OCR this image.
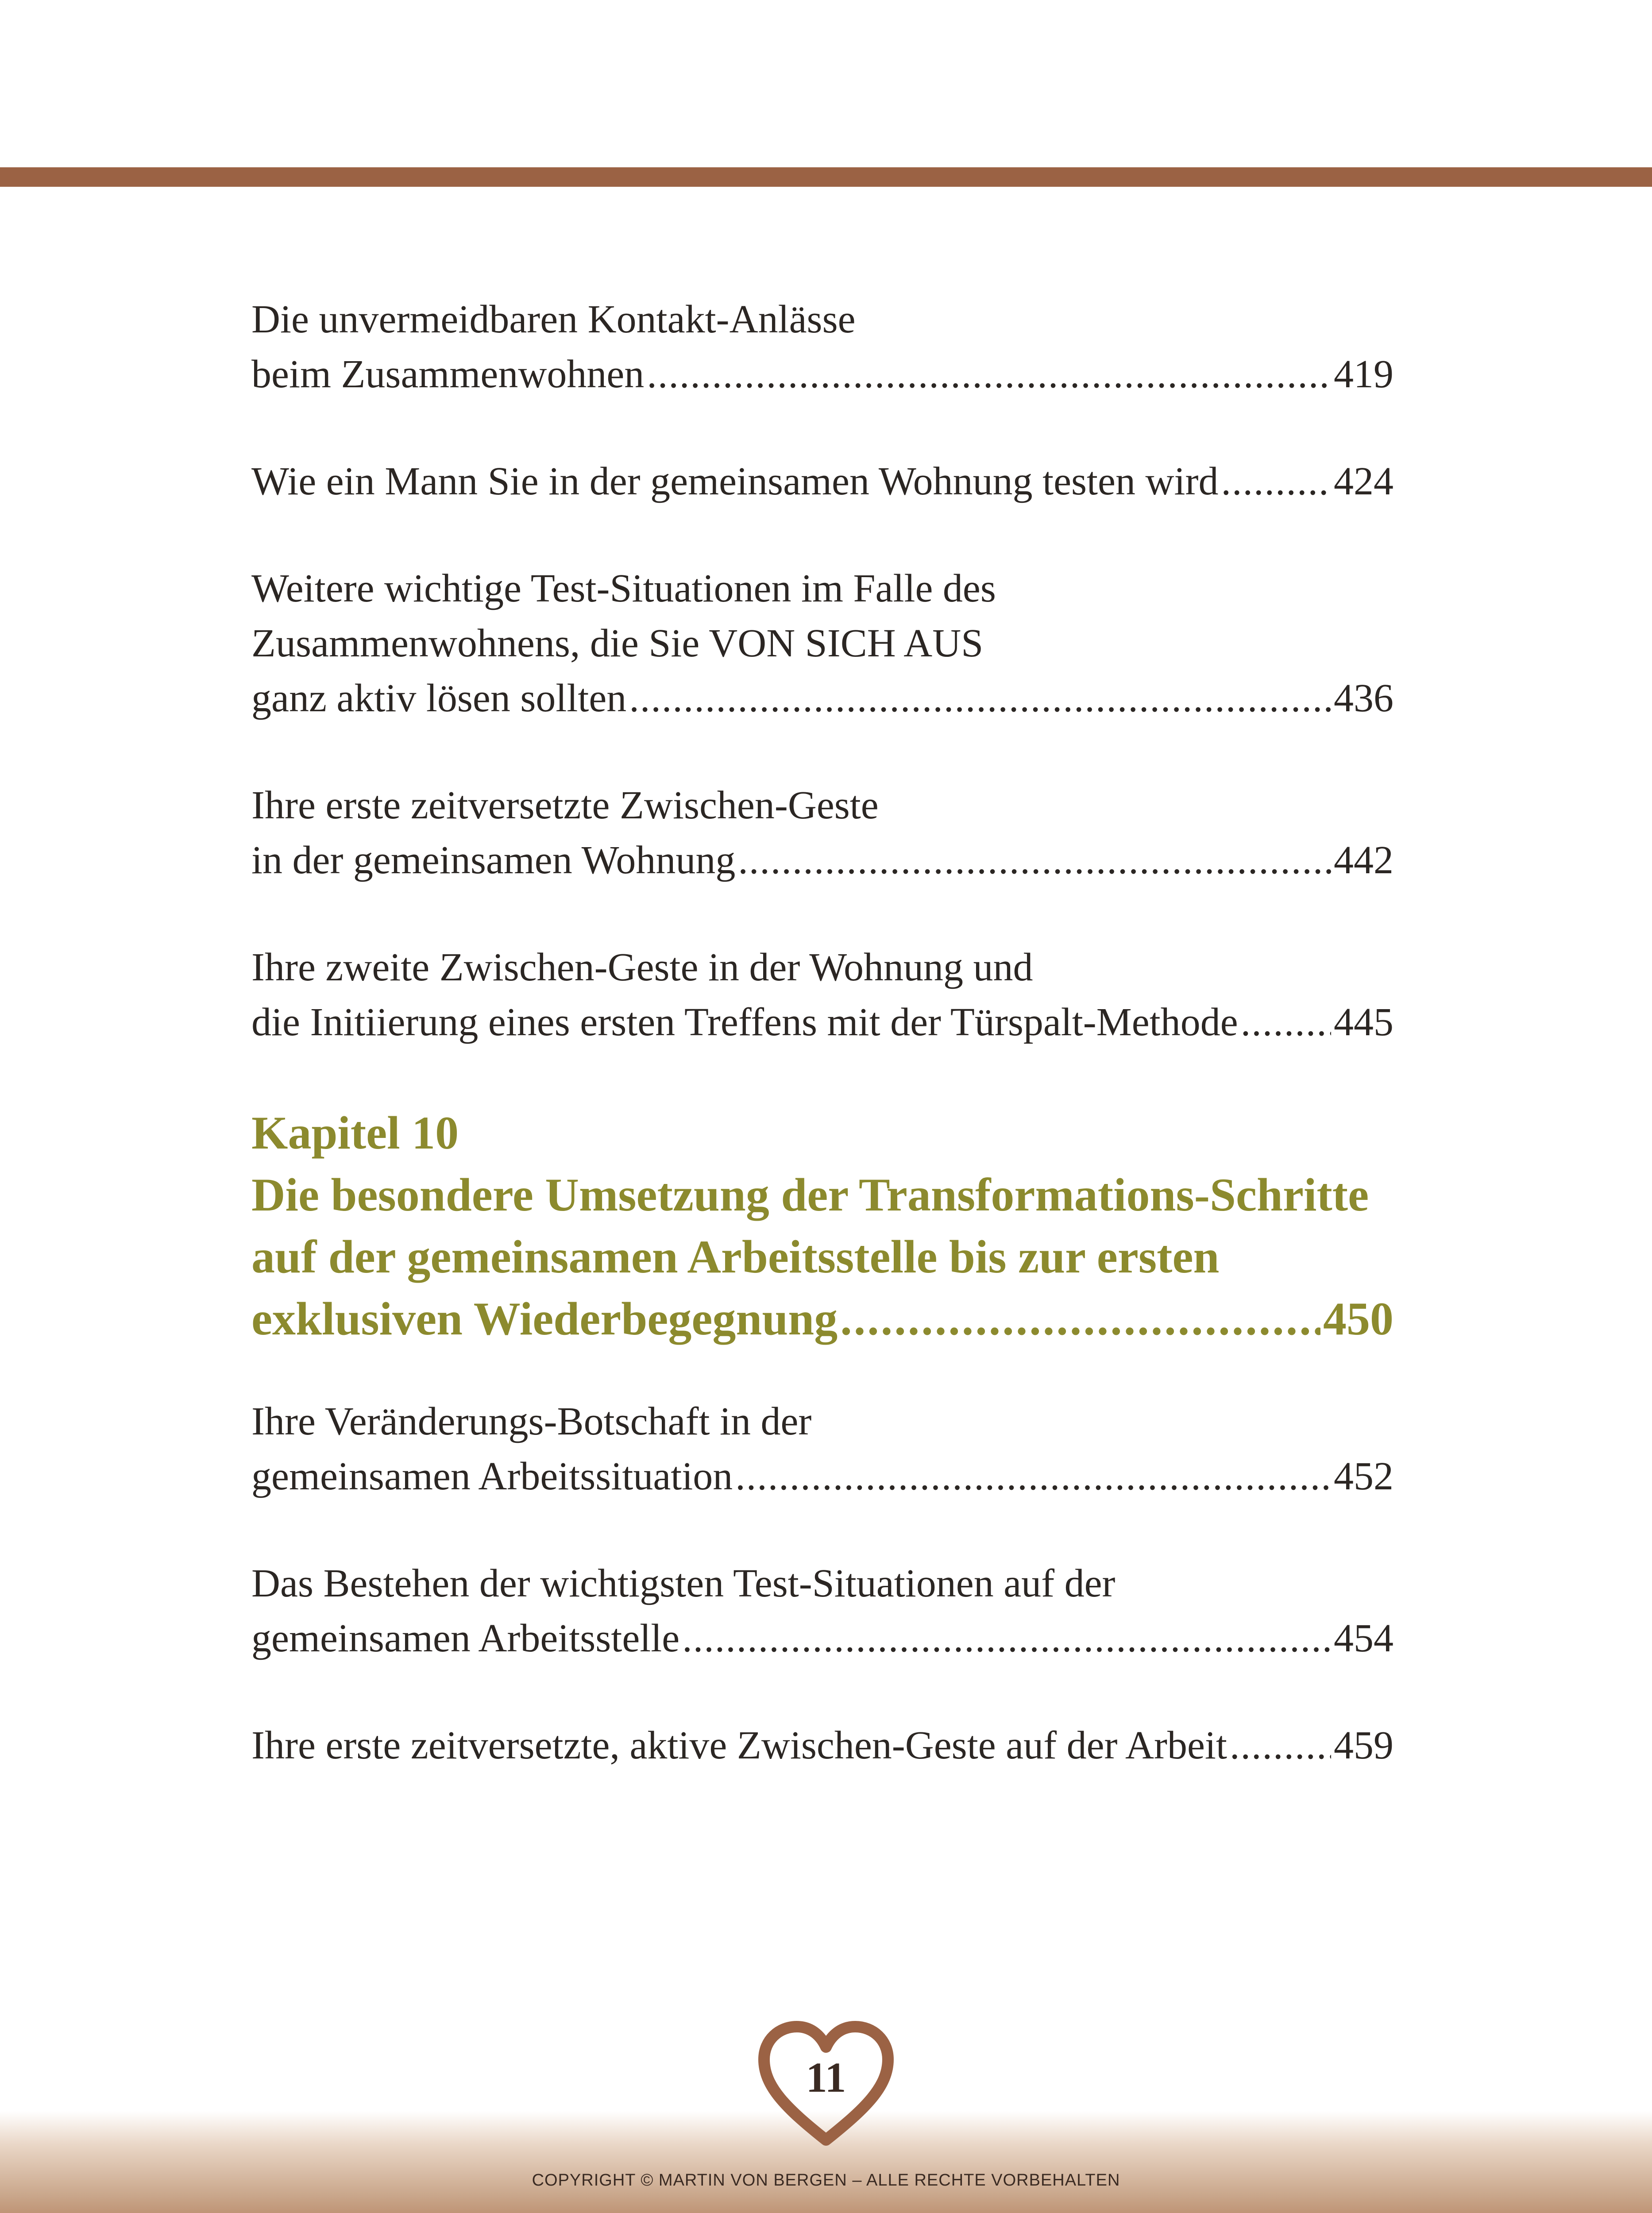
Die unvermeidbaren Kontakt-Anlässe
beim Zusammenwohnen .....	419
Wie ein Mann Sie in der gemeinsamen Wohnung testen wird .....	424
Weitere wichtige Test-Situationen im Falle des
Zusammenwohnens, die Sie VON SICH AUS
ganz aktiv lösen sollten .....	436
Ihre erste zeitversetzte Zwischen-Geste
in der gemeinsamen Wohnung .....	442
Ihre zweite Zwischen-Geste in der Wohnung und
die Initiierung eines ersten Treffens mit der Türspalt-Methode ..... 445
Kapitel 10
Die besondere Umsetzung der Transformations-Schritte
auf der gemeinsamen Arbeitsstelle bis zur ersten
exklusiven Wiederbegegnung .....	450
Ihre Veränderungs-Botschaft in der
gemeinsamen Arbeitssituation .....	452
Das Bestehen der wichtigsten Test-Situationen auf der
gemeinsamen Arbeitsstelle .....	454
Ihre erste zeitversetzte, aktive Zwischen-Geste auf der Arbeit .....	459
11
COPYRIGHT © MARTIN VON BERGEN – ALLE RECHTE VORBEHALTEN
